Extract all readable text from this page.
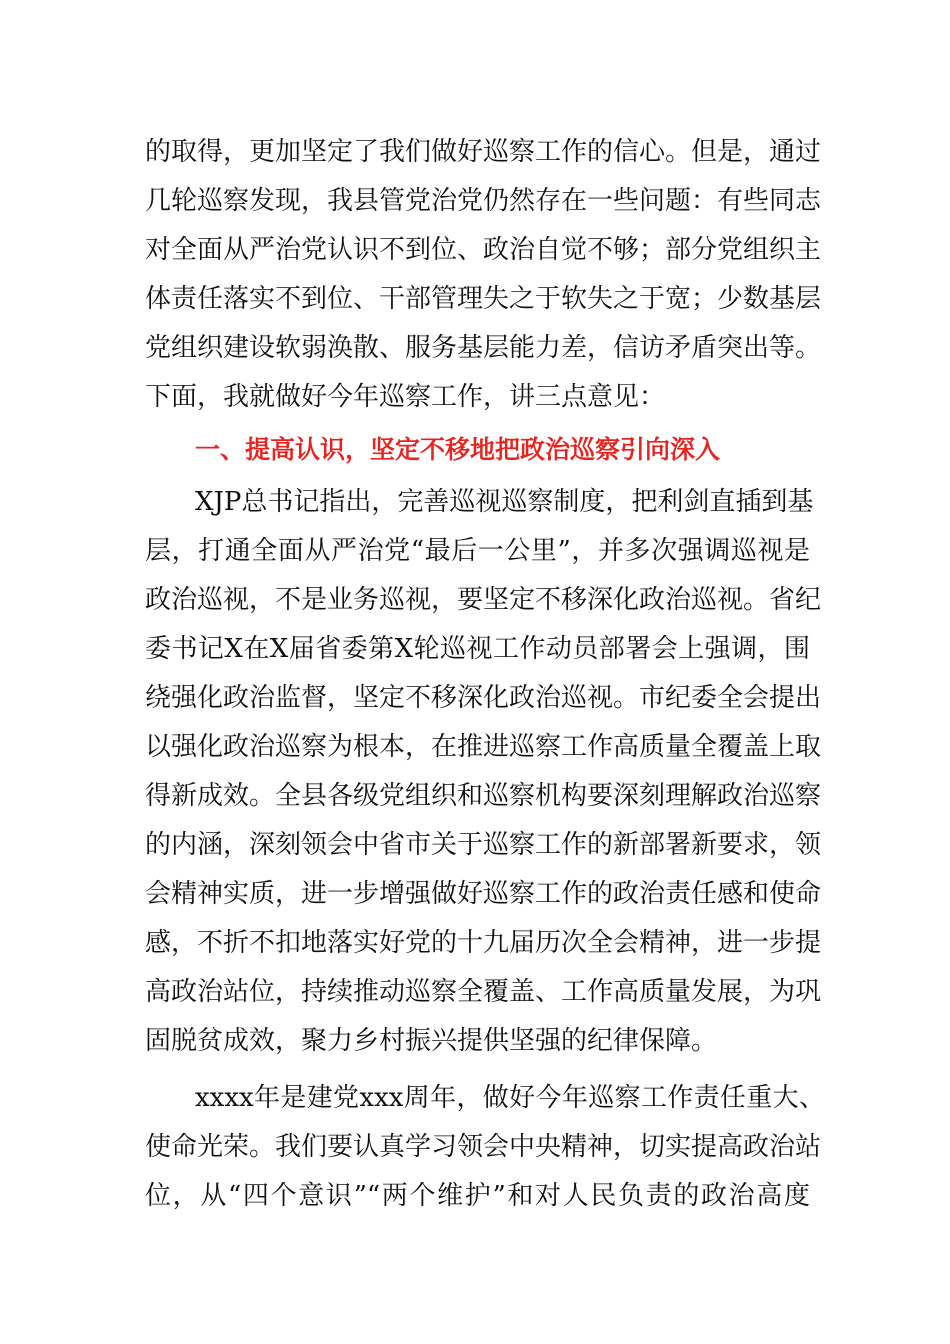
的取得，更加坚定了我们做好巡察工作的信心。但是，通过
几轮巡察发现，我县管党治党仍然存在一些问题：有些同志
对全面从严治党认识不到位、政治自觉不够；部分党组织主
体责任落实不到位、干部管理失之于软失之于宽；少数基层
党组织建设软弱涣散、服务基层能力差，信访矛盾突出等。
下面，我就做好今年巡察工作，讲三点意见：
一、提高认识，坚定不移地把政治巡察引向深入
XJP总书记指出，完善巡视巡察制度，把利剑直插到基
层，打通全面从严治党“最后一公里”，并多次强调巡视是
政治巡视，不是业务巡视，要坚定不移深化政治巡视。省纪
委书记X在X届省委第X轮巡视工作动员部署会上强调，围
绕强化政治监督，坚定不移深化政治巡视。市纪委全会提出
以强化政治巡察为根本，在推进巡察工作高质量全覆盖上取
得新成效。全县各级党组织和巡察机构要深刻理解政治巡察
的内涵，深刻领会中省市关于巡察工作的新部署新要求，领
会精神实质，进一步增强做好巡察工作的政治责任感和使命
感，不折不扣地落实好党的十九届历次全会精神，进一步提
高政治站位，持续推动巡察全覆盖、工作高质量发展，为巩
固脱贫成效，聚力乡村振兴提供坚强的纪律保障。
xxxx年是建党xxx周年，做好今年巡察工作责任重大、
使命光荣。我们要认真学习领会中央精神，切实提高政治站
位，从“四个意识”“两个维护”和对人民负责的政治高度
